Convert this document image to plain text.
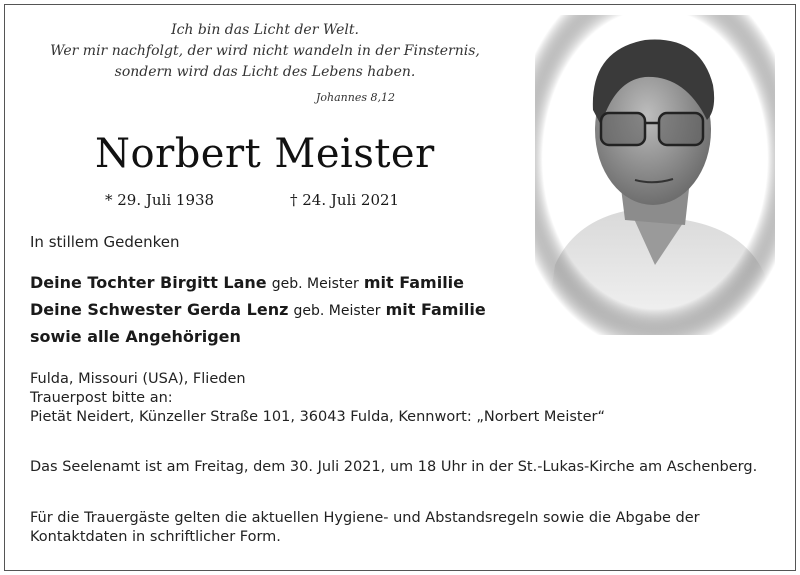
Ich bin das Licht der Welt.
Wer mir nachfolgt, der wird nicht wandeln in der Finsternis,
sondern wird das Licht des Lebens haben.
Johannes 8,12
Norbert Meister
* 29. Juli 1938	† 24. Juli 2021
In stillem Gedenken
Deine Tochter Birgitt Lane geb. Meister mit Familie
Deine Schwester Gerda Lenz geb. Meister mit Familie
sowie alle Angehörigen
Fulda, Missouri (USA), Flieden
Trauerpost bitte an:
Pietät Neidert, Künzeller Straße 101, 36043 Fulda, Kennwort: „Norbert Meister“
Das Seelenamt ist am Freitag, dem 30. Juli 2021, um 18 Uhr in der St.-Lukas-Kirche am Aschenberg.
Für die Trauergäste gelten die aktuellen Hygiene- und Abstandsregeln sowie die Abgabe der Kontaktdaten in schriftlicher Form.
